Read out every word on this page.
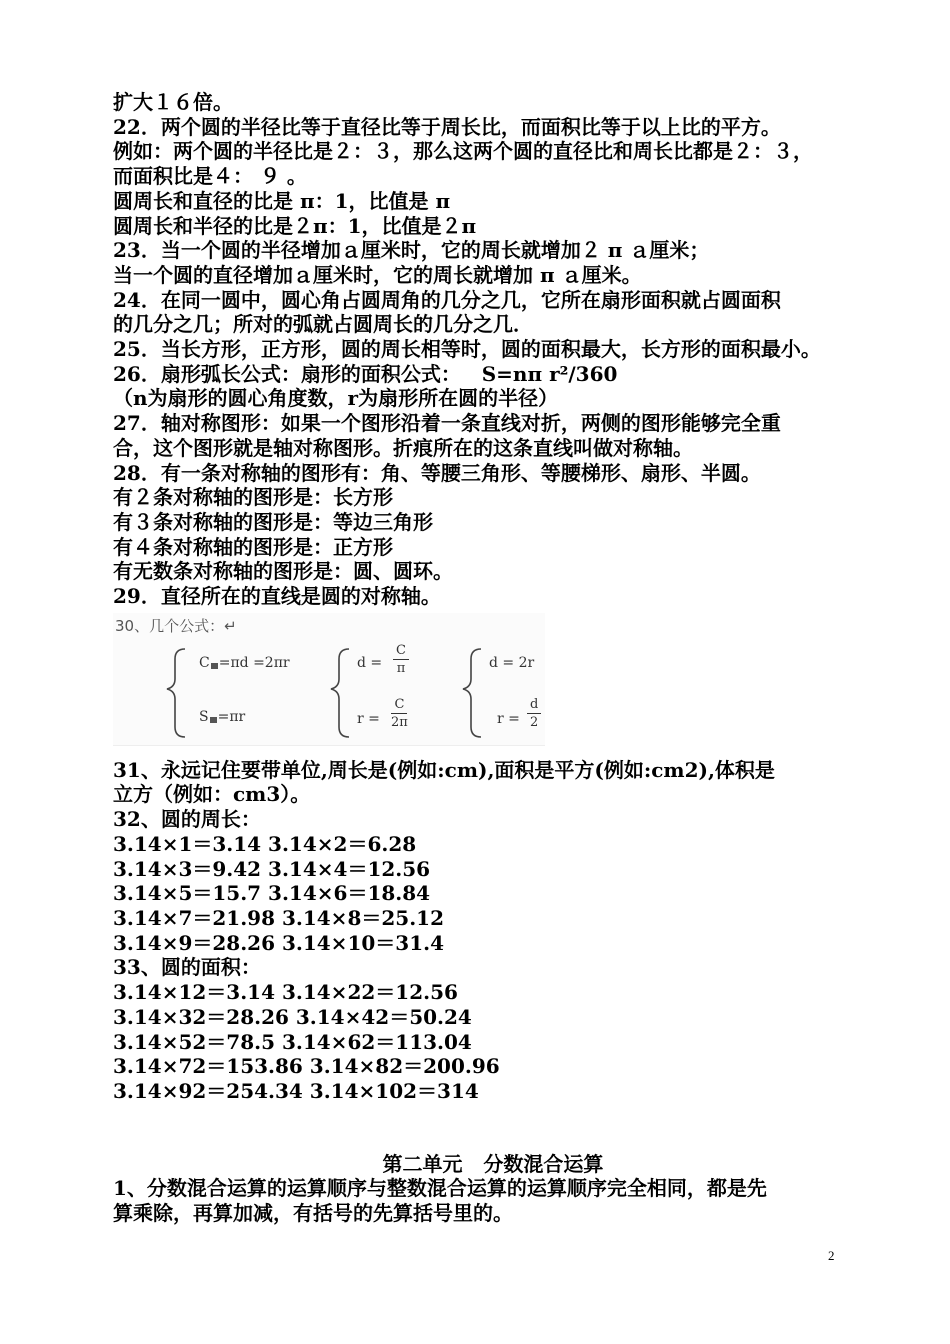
扩大１６倍。

22．两个圆的半径比等于直径比等于周长比，而面积比等于以上比的平方。

例如：两个圆的半径比是２：３，那么这两个圆的直径比和周长比都是２：３，

而面积比是４： ９ 。

圆周长和直径的比是 π：1，比值是 π

圆周长和半径的比是２π：1，比值是２π

23．当一个圆的半径增加ａ厘米时，它的周长就增加２ π ａ厘米；

当一个圆的直径增加ａ厘米时，它的周长就增加 π ａ厘米。

24．在同一圆中，圆心角占圆周角的几分之几，它所在扇形面积就占圆面积

的几分之几；所对的弧就占圆周长的几分之几．

25．当长方形，正方形，圆的周长相等时，圆的面积最大，长方形的面积最小。

26．扇形弧长公式：扇形的面积公式：   S=nπ r²/360

（n为扇形的圆心角度数，r为扇形所在圆的半径）

27．轴对称图形：如果一个图形沿着一条直线对折，两侧的图形能够完全重

合，这个图形就是轴对称图形。折痕所在的这条直线叫做对称轴。

28．有一条对称轴的图形有：角、等腰三角形、等腰梯形、扇形、半圆。

有２条对称轴的图形是：长方形

有３条对称轴的图形是：等边三角形

有４条对称轴的图形是：正方形

有无数条对称轴的图形是：圆、圆环。

29．直径所在的直线是圆的对称轴。

30、几个公式：↵
C =πd =2πr
S =πr
$d = \frac{C}{\pi}$
$r = \frac{C}{2\pi}$
d = 2r
$r = \frac{d}{2}$

31、永远记住要带单位,周长是(例如:cm),面积是平方(例如:cm2),体积是

立方（例如：cm3）。

32、圆的周长：

3.14×1＝3.14 3.14×2＝6.28

3.14×3＝9.42 3.14×4＝12.56

3.14×5＝15.7 3.14×6＝18.84

3.14×7＝21.98 3.14×8＝25.12

3.14×9＝28.26 3.14×10＝31.4

33、圆的面积：

3.14×12＝3.14 3.14×22＝12.56

3.14×32＝28.26 3.14×42＝50.24

3.14×52＝78.5 3.14×62＝113.04

3.14×72＝153.86 3.14×82＝200.96

3.14×92＝254.34 3.14×102＝314

第二单元   分数混合运算

1、分数混合运算的运算顺序与整数混合运算的运算顺序完全相同，都是先

算乘除，再算加减，有括号的先算括号里的。

2
